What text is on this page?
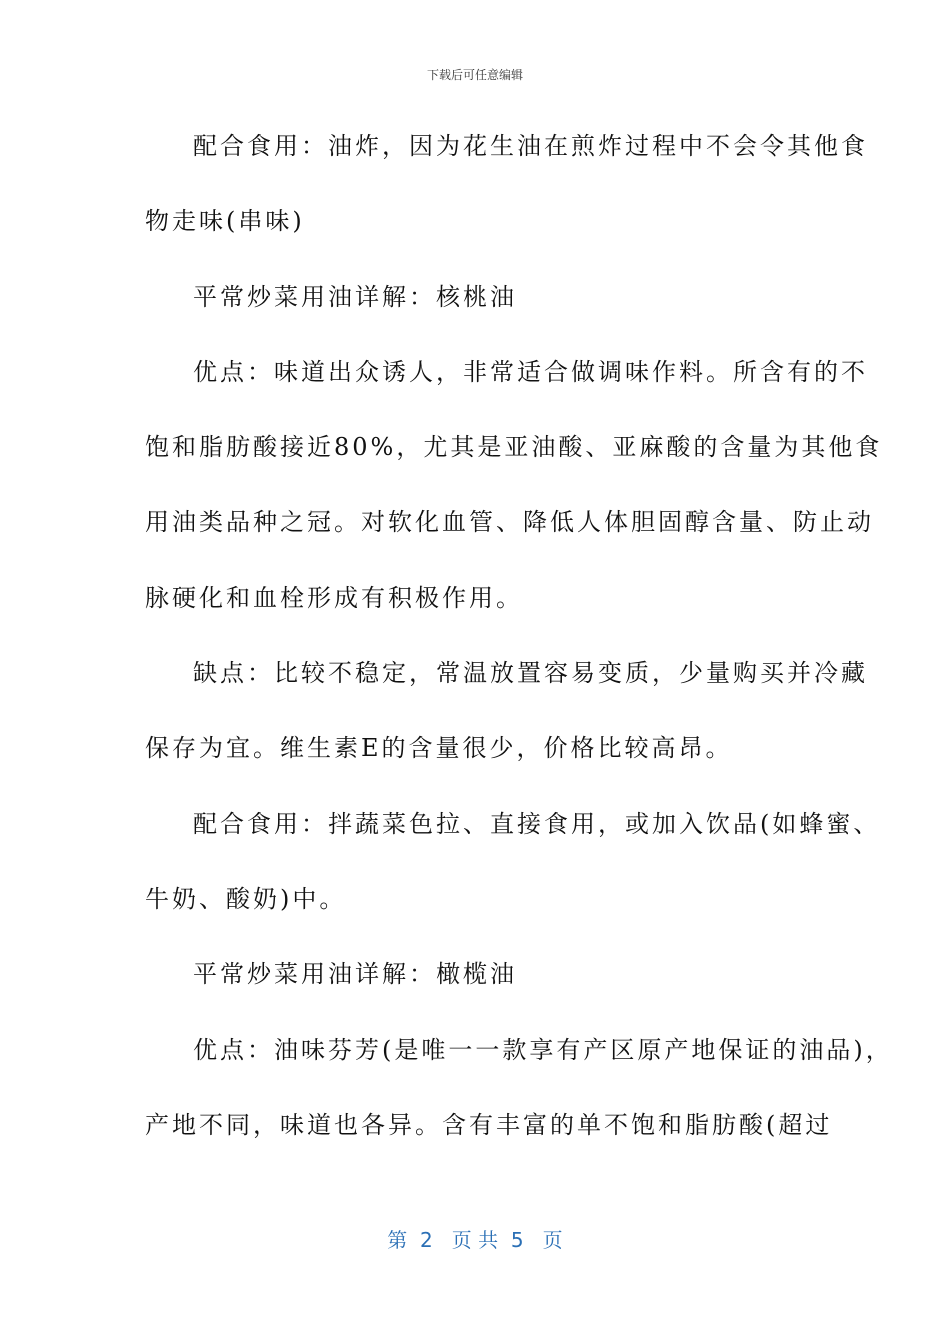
下载后可任意编辑
配合食用：油炸，因为花生油在煎炸过程中不会令其他食
物走味(串味)
平常炒菜用油详解：核桃油
优点：味道出众诱人，非常适合做调味作料。所含有的不
饱和脂肪酸接近80%，尤其是亚油酸、亚麻酸的含量为其他食
用油类品种之冠。对软化血管、降低人体胆固醇含量、防止动
脉硬化和血栓形成有积极作用。
缺点：比较不稳定，常温放置容易变质，少量购买并冷藏
保存为宜。维生素E的含量很少，价格比较高昂。
配合食用：拌蔬菜色拉、直接食用，或加入饮品(如蜂蜜、
牛奶、酸奶)中。
平常炒菜用油详解：橄榄油
优点：油味芬芳(是唯一一款享有产区原产地保证的油品)，
产地不同，味道也各异。含有丰富的单不饱和脂肪酸(超过
第  2   页 共  5   页
